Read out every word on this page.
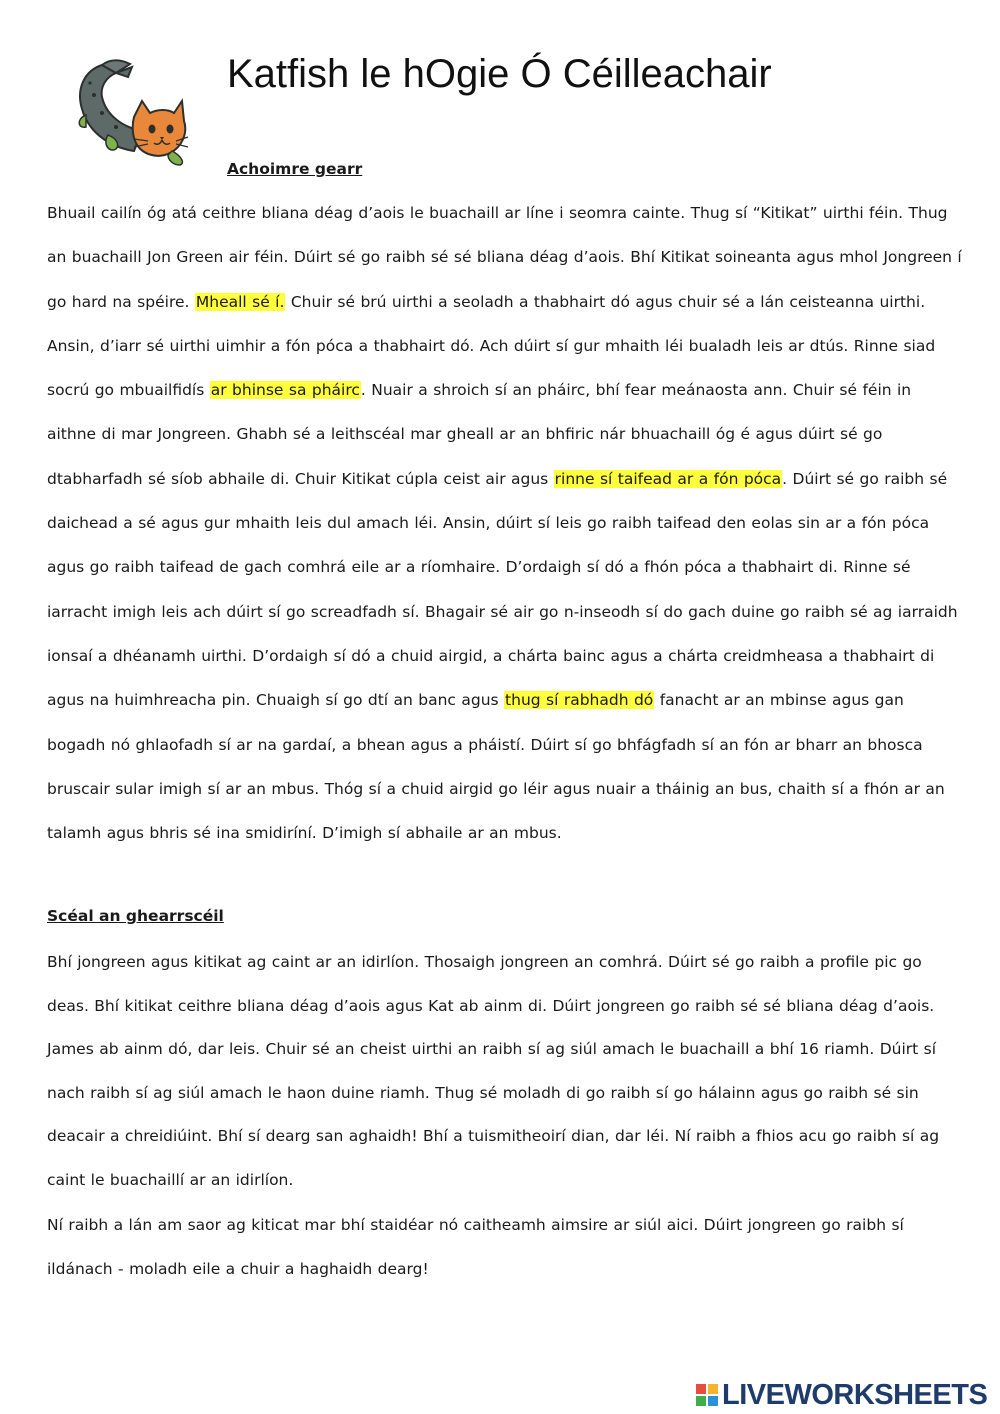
Katfish le hOgie Ó Céilleachair
Achoimre gearr

Bhuail cailín óg atá ceithre bliana déag d’aois le buachaill ar líne i seomra cainte. Thug sí “Kitikat” uirthi féin. Thug an buachaill Jon Green air féin. Dúirt sé go raibh sé sé bliana déag d’aois. Bhí Kitikat soineanta agus mhol Jongreen í go hard na spéire. Mheall sé í. Chuir sé brú uirthi a seoladh a thabhairt dó agus chuir sé a lán ceisteanna uirthi. Ansin, d’iarr sé uirthi uimhir a fón póca a thabhairt dó. Ach dúirt sí gur mhaith léi bualadh leis ar dtús. Rinne siad socrú go mbuailfidís ar bhinse sa pháirc. Nuair a shroich sí an pháirc, bhí fear meánaosta ann. Chuir sé féin in aithne di mar Jongreen. Ghabh sé a leithscéal mar gheall ar an bhfiric nár bhuachaill óg é agus dúirt sé go dtabharfadh sé síob abhaile di. Chuir Kitikat cúpla ceist air agus rinne sí taifead ar a fón póca. Dúirt sé go raibh sé daichead a sé agus gur mhaith leis dul amach léi. Ansin, dúirt sí leis go raibh taifead den eolas sin ar a fón póca agus go raibh taifead de gach comhrá eile ar a ríomhaire. D’ordaigh sí dó a fhón póca a thabhairt di. Rinne sé iarracht imigh leis ach dúirt sí go screadfadh sí. Bhagair sé air go n-inseodh sí do gach duine go raibh sé ag iarraidh ionsaí a dhéanamh uirthi. D’ordaigh sí dó a chuid airgid, a chárta bainc agus a chárta creidmheasa a thabhairt di agus na huimhreacha pin. Chuaigh sí go dtí an banc agus thug sí rabhadh dó fanacht ar an mbinse agus gan bogadh nó ghlaofadh sí ar na gardaí, a bhean agus a pháistí. Dúirt sí go bhfágfadh sí an fón ar bharr an bhosca bruscair sular imigh sí ar an mbus. Thóg sí a chuid airgid go léir agus nuair a tháinig an bus, chaith sí a fhón ar an talamh agus bhris sé ina smidiríní. D’imigh sí abhaile ar an mbus.

Scéal an ghearrscéil

Bhí jongreen agus kitikat ag caint ar an idirlíon. Thosaigh jongreen an comhrá. Dúirt sé go raibh a profile pic go deas. Bhí kitikat ceithre bliana déag d’aois agus Kat ab ainm di. Dúirt jongreen go raibh sé sé bliana déag d’aois. James ab ainm dó, dar leis. Chuir sé an cheist uirthi an raibh sí ag siúl amach le buachaill a bhí 16 riamh. Dúirt sí nach raibh sí ag siúl amach le haon duine riamh. Thug sé moladh di go raibh sí go hálainn agus go raibh sé sin deacair a chreidiúint. Bhí sí dearg san aghaidh! Bhí a tuismitheoirí dian, dar léi. Ní raibh a fhios acu go raibh sí ag caint le buachaillí ar an idirlíon.

Ní raibh a lán am saor ag kiticat mar bhí staidéar nó caitheamh aimsire ar siúl aici. Dúirt jongreen go raibh sí ildánach - moladh eile a chuir a haghaidh dearg!

LIVEWORKSHEETS
